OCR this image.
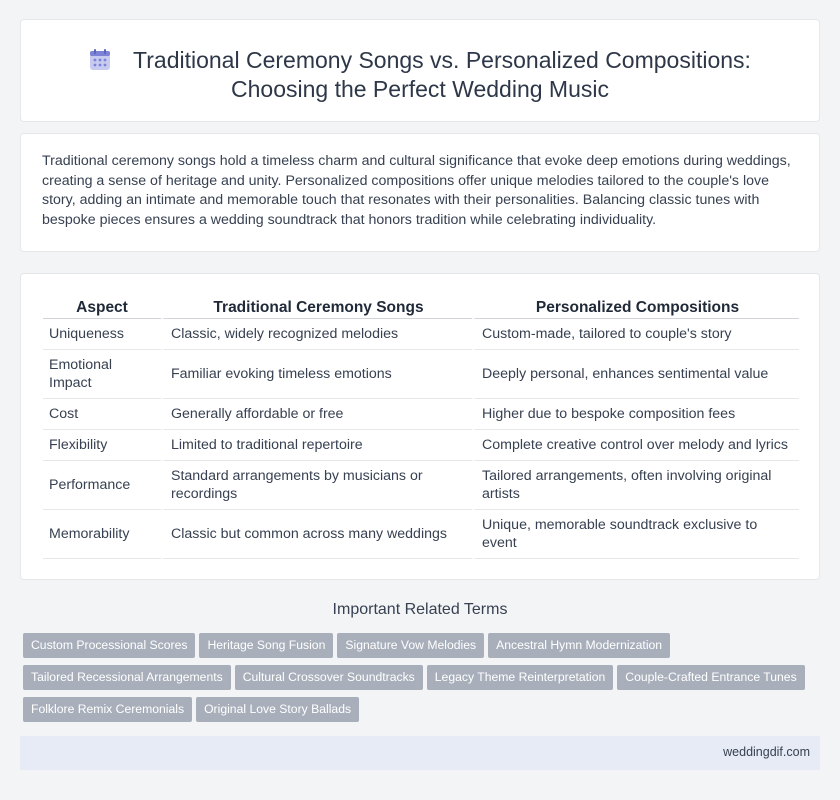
Traditional Ceremony Songs vs. Personalized Compositions:
Choosing the Perfect Wedding Music

Traditional ceremony songs hold a timeless charm and cultural significance that evoke deep emotions during weddings, creating a sense of heritage and unity. Personalized compositions offer unique melodies tailored to the couple's love story, adding an intimate and memorable touch that resonates with their personalities. Balancing classic tunes with bespoke pieces ensures a wedding soundtrack that honors tradition while celebrating individuality.

Aspect	Traditional Ceremony Songs	Personalized Compositions
Uniqueness	Classic, widely recognized melodies	Custom-made, tailored to couple's story
Emotional Impact	Familiar evoking timeless emotions	Deeply personal, enhances sentimental value
Cost	Generally affordable or free	Higher due to bespoke composition fees
Flexibility	Limited to traditional repertoire	Complete creative control over melody and lyrics
Performance	Standard arrangements by musicians or recordings	Tailored arrangements, often involving original artists
Memorability	Classic but common across many weddings	Unique, memorable soundtrack exclusive to event
Important Related Terms
Custom Processional Scores Heritage Song Fusion Signature Vow Melodies Ancestral Hymn Modernization
Tailored Recessional Arrangements Cultural Crossover Soundtracks Legacy Theme Reinterpretation Couple-Crafted Entrance Tunes
Folklore Remix Ceremonials Original Love Story Ballads
weddingdif.com
